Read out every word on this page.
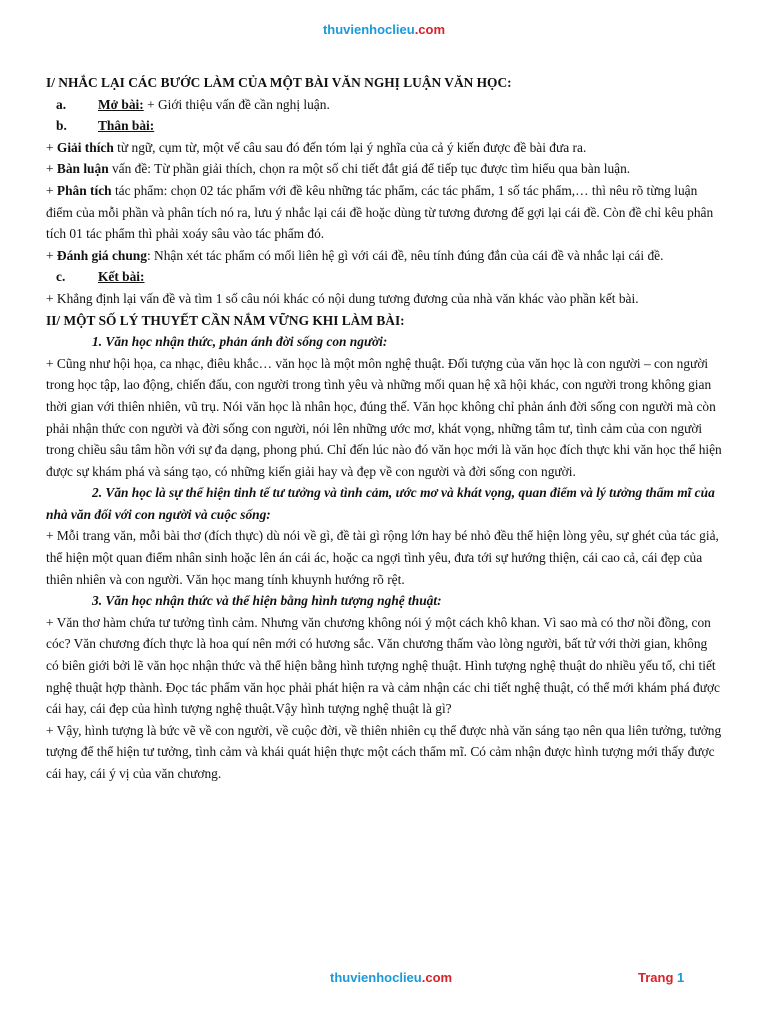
thuvienhoclieu.com

I/ NHẮC LẠI CÁC BƯỚC LÀM CỦA MỘT BÀI VĂN NGHỊ LUẬN VĂN HỌC:

a.	Mở bài: + Giới thiệu vấn đề cần nghị luận.
b.	Thân bài:

+ Giải thích từ ngữ, cụm từ, một vế câu sau đó đến tóm lại ý nghĩa của cả ý kiến được đề bài đưa ra.

+ Bàn luận vấn đề: Từ phần giải thích, chọn ra một số chi tiết đắt giá để tiếp tục được tìm hiểu qua bàn luận.

+ Phân tích tác phẩm: chọn 02 tác phẩm với đề kêu những tác phẩm, các tác phẩm, 1 số tác phẩm,… thì nêu rõ từng luận điểm của mỗi phần và phân tích nó ra, lưu ý nhắc lại cái đề hoặc dùng từ tương đương để gợi lại cái đề. Còn đề chỉ kêu phân tích 01 tác phẩm thì phải xoáy sâu vào tác phẩm đó.

+ Đánh giá chung: Nhận xét tác phẩm có mối liên hệ gì với cái đề, nêu tính đúng đắn của cái đề và nhắc lại cái đề.

c.	Kết bài:

+ Khẳng định lại vấn đề và tìm 1 số câu nói khác có nội dung tương đương của nhà văn khác vào phần kết bài.

II/ MỘT SỐ LÝ THUYẾT CẦN NẮM VỮNG KHI LÀM BÀI:

1. Văn học nhận thức, phản ánh đời sống con người:

+ Cũng như hội họa, ca nhạc, điêu khắc… văn học là một môn nghệ thuật. Đối tượng của văn học là con người – con người trong học tập, lao động, chiến đấu, con người trong tình yêu và những mối quan hệ xã hội khác, con người trong không gian thời gian với thiên nhiên, vũ trụ. Nói văn học là nhân học, đúng thế. Văn học không chỉ phản ánh đời sống con người mà còn phải nhận thức con người và đời sống con người, nói lên những ước mơ, khát vọng, những tâm tư, tình cảm của con người trong chiều sâu tâm hồn với sự đa dạng, phong phú. Chỉ đến lúc nào đó văn học mới là văn học đích thực khi văn học thể hiện được sự khám phá và sáng tạo, có những kiến giải hay và đẹp về con người và đời sống con người.

2. Văn học là sự thể hiện tinh tế tư tưởng và tình cảm, ước mơ và khát vọng, quan điểm và lý tưởng thẩm mĩ của nhà văn đối với con người và cuộc sống:

+ Mỗi trang văn, mỗi bài thơ (đích thực) dù nói về gì, đề tài gì rộng lớn hay bé nhỏ đều thể hiện lòng yêu, sự ghét của tác giả, thể hiện một quan điểm nhân sinh hoặc lên án cái ác, hoặc ca ngợi tình yêu, đưa tới sự hướng thiện, cái cao cả, cái đẹp của thiên nhiên và con người. Văn học mang tính khuynh hướng rõ rệt.

3. Văn học nhận thức và thể hiện bằng hình tượng nghệ thuật:

+ Văn thơ hàm chứa tư tưởng tình cảm. Nhưng văn chương không nói ý một cách khô khan. Vì sao mà có thơ nồi đồng, con cóc? Văn chương đích thực là hoa quí nên mới có hương sắc. Văn chương thấm vào lòng người, bất tử với thời gian, không có biên giới bởi lẽ văn học nhận thức và thể hiện bằng hình tượng nghệ thuật. Hình tượng nghệ thuật do nhiều yếu tố, chi tiết nghệ thuật hợp thành. Đọc tác phẩm văn học phải phát hiện ra và cảm nhận các chi tiết nghệ thuật, có thể mới khám phá được cái hay, cái đẹp của hình tượng nghệ thuật.Vậy hình tượng nghệ thuật là gì?

+ Vậy, hình tượng là bức vẽ về con người, về cuộc đời, về thiên nhiên cụ thể được nhà văn sáng tạo nên qua liên tưởng, tưởng tượng để thể hiện tư tưởng, tình cảm và khái quát hiện thực một cách thẩm mĩ. Có cảm nhận được hình tượng mới thấy được cái hay, cái ý vị của văn chương.

thuvienhoclieu.com	Trang 1
